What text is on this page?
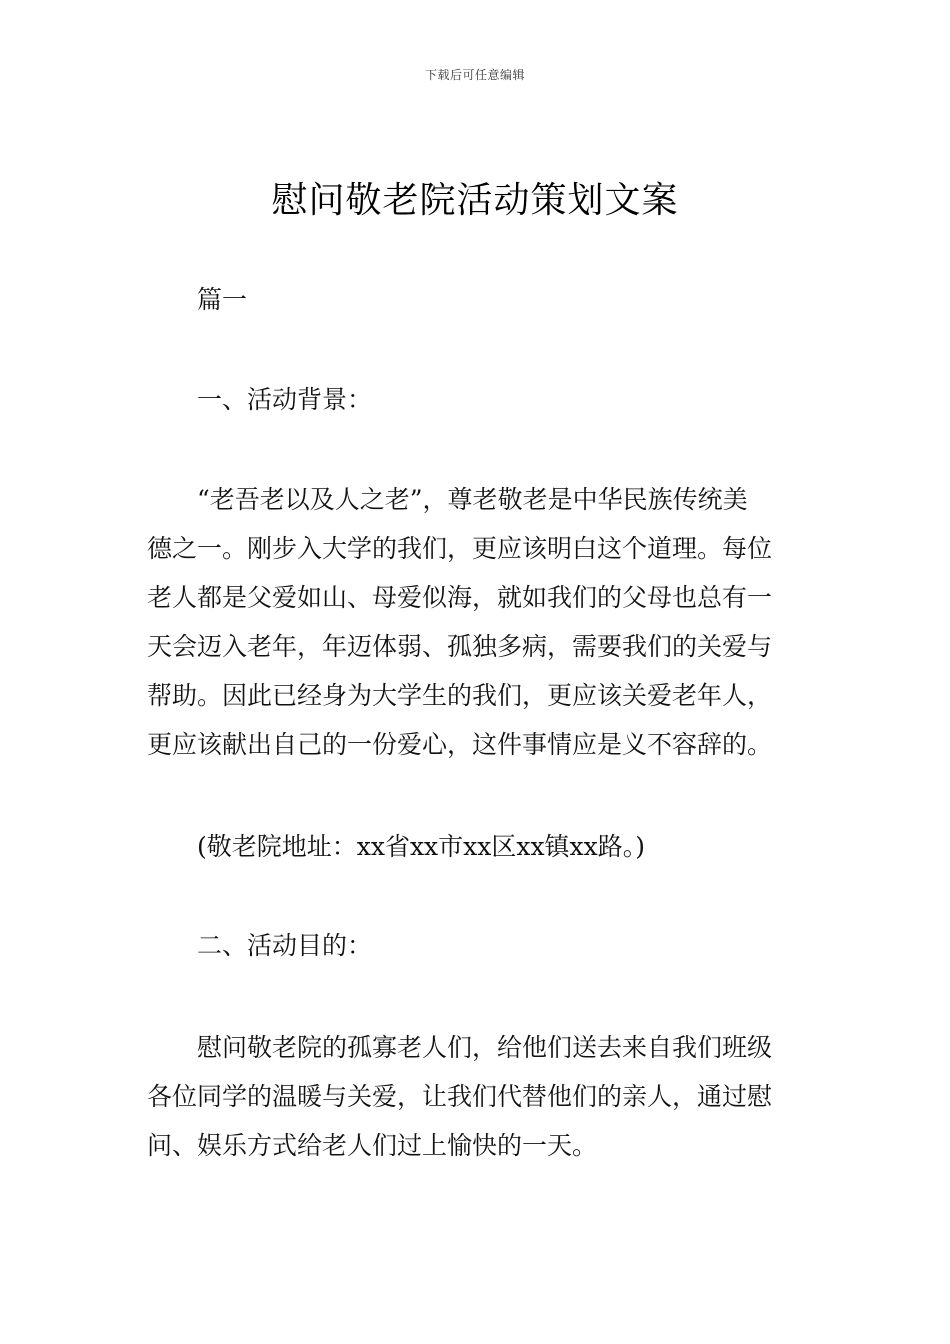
下载后可任意编辑
慰问敬老院活动策划文案
篇一
一、活动背景：
“老吾老以及人之老”，尊老敬老是中华民族传统美
德之一。刚步入大学的我们，更应该明白这个道理。每位
老人都是父爱如山、母爱似海，就如我们的父母也总有一
天会迈入老年，年迈体弱、孤独多病，需要我们的关爱与
帮助。因此已经身为大学生的我们，更应该关爱老年人，
更应该献出自己的一份爱心，这件事情应是义不容辞的。
(敬老院地址：xx省xx市xx区xx镇xx路。)
二、活动目的：
慰问敬老院的孤寡老人们，给他们送去来自我们班级
各位同学的温暖与关爱，让我们代替他们的亲人，通过慰
问、娱乐方式给老人们过上愉快的一天。
